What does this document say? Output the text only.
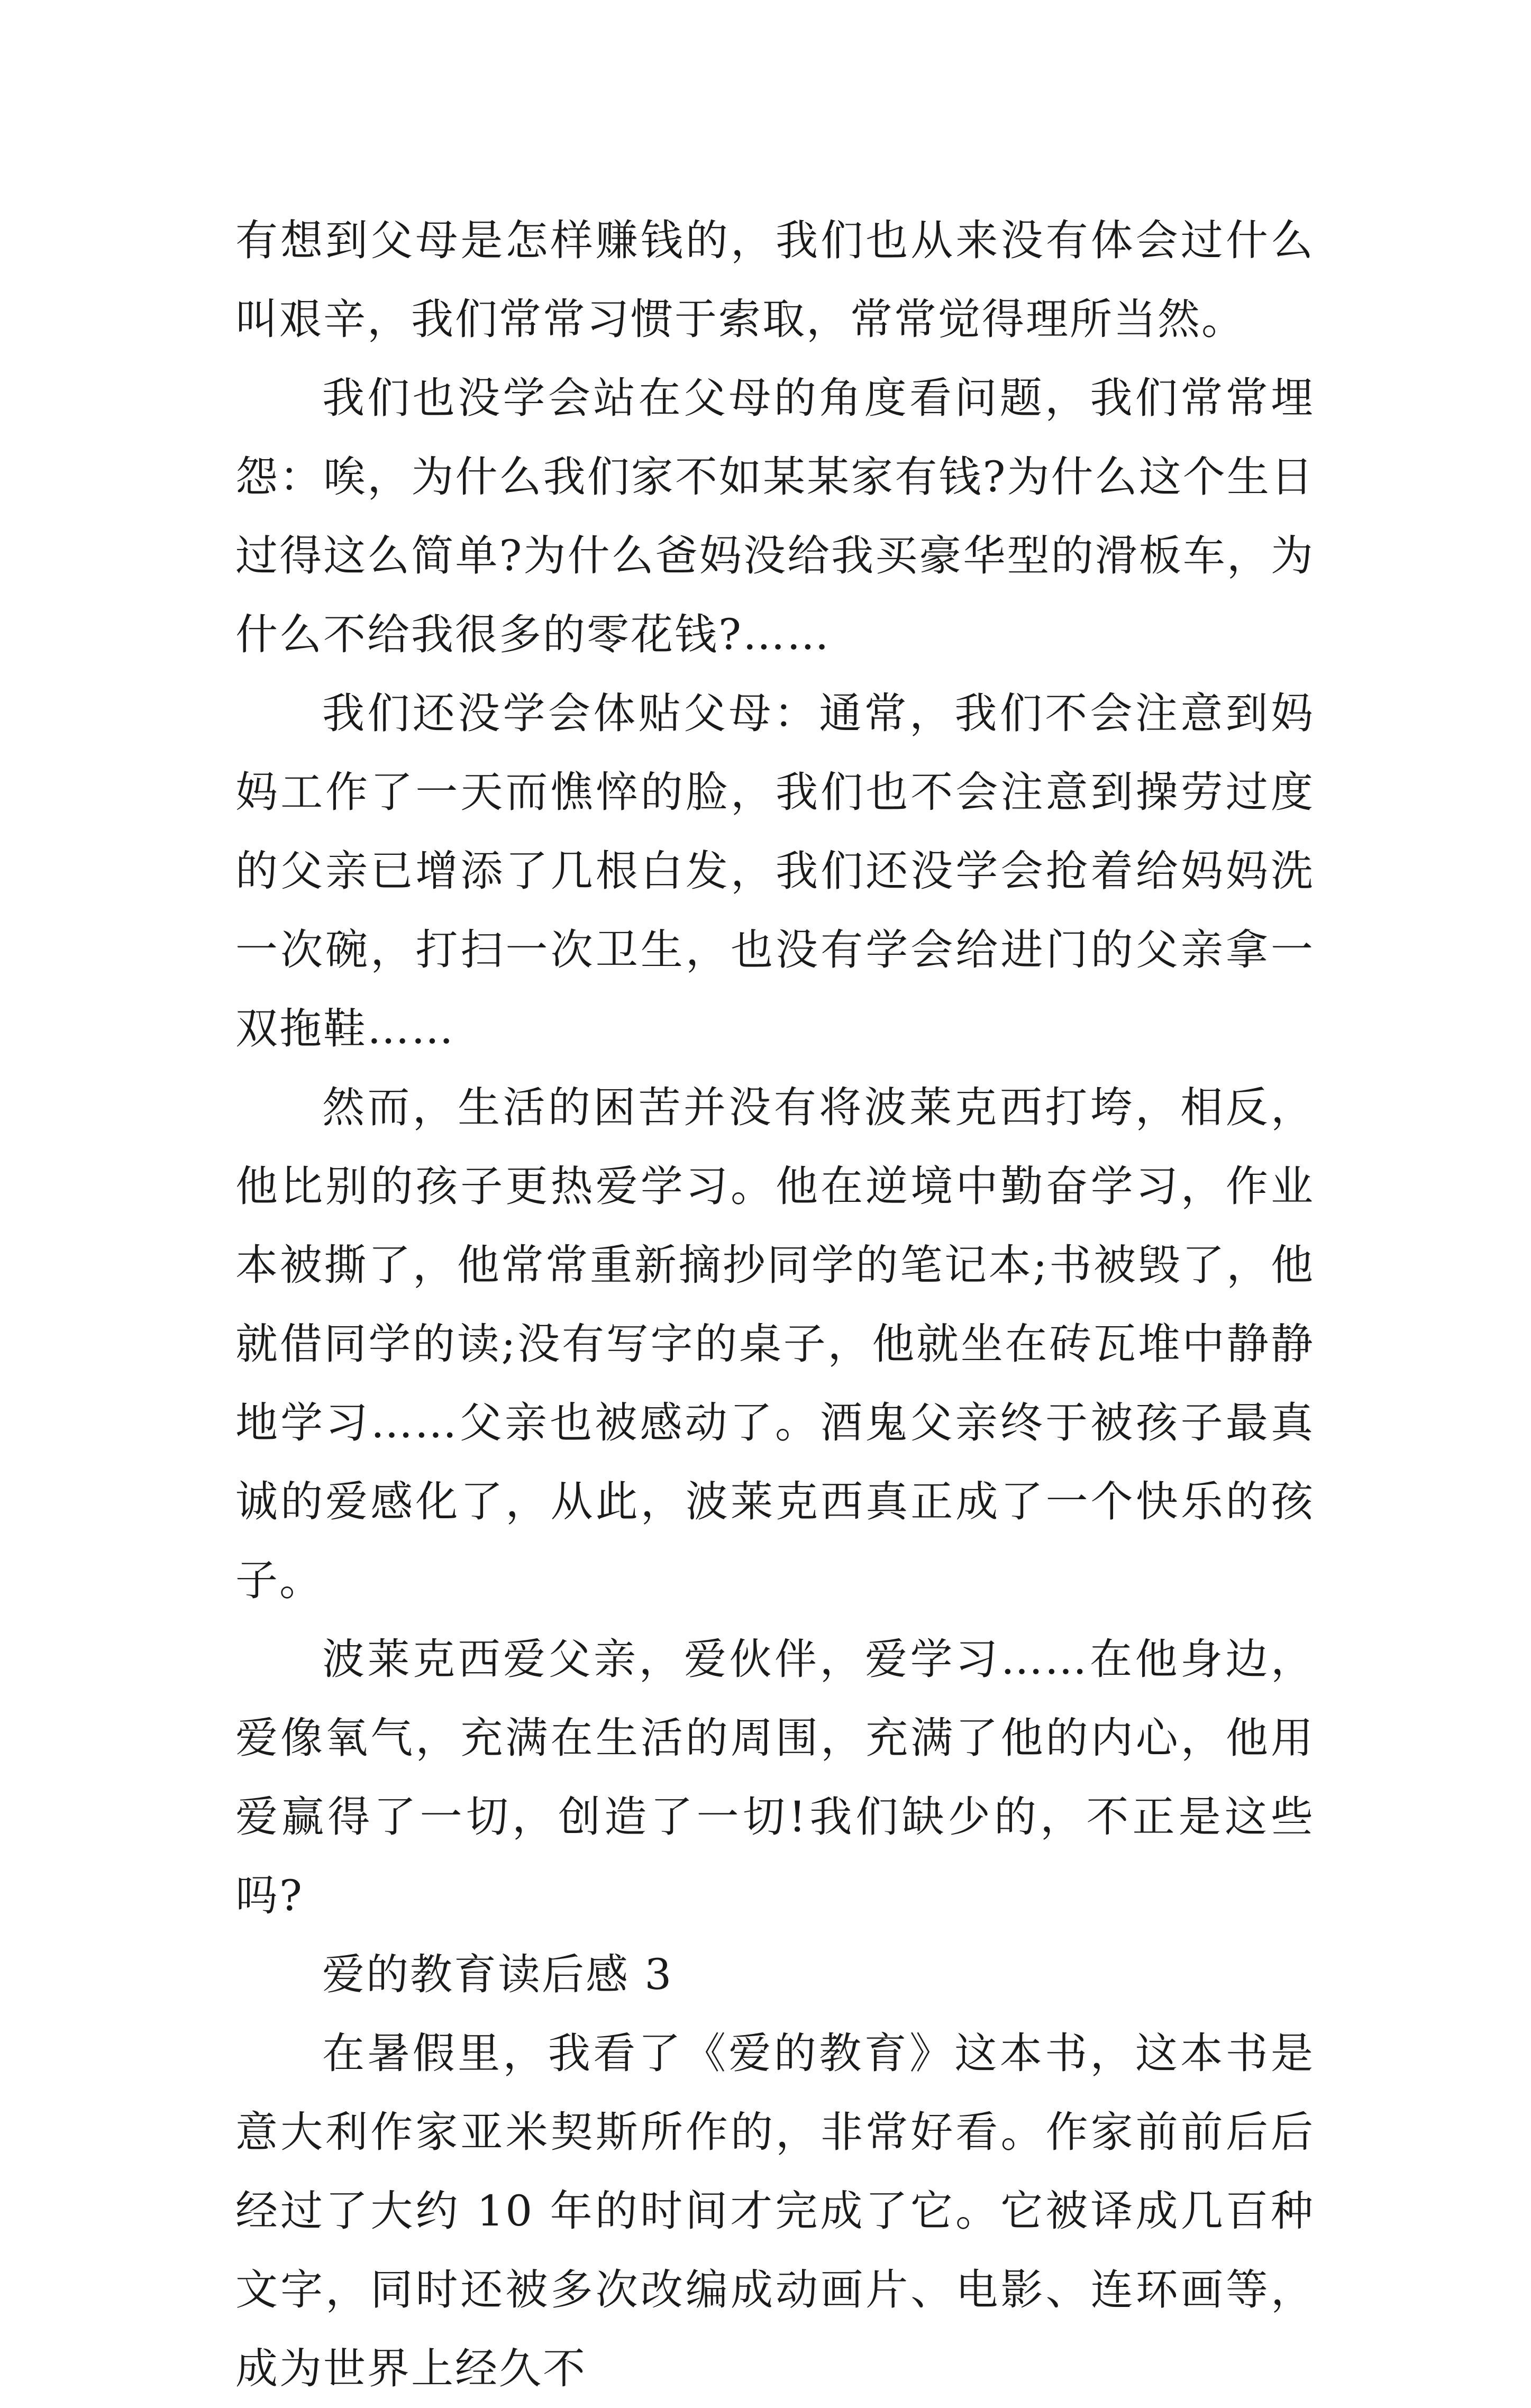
有想到父母是怎样赚钱的，我们也从来没有体会过什么叫艰辛，我们常常习惯于索取，常常觉得理所当然。

我们也没学会站在父母的角度看问题，我们常常埋怨：唉，为什么我们家不如某某家有钱?为什么这个生日过得这么简单?为什么爸妈没给我买豪华型的滑板车，为什么不给我很多的零花钱?……

我们还没学会体贴父母：通常，我们不会注意到妈妈工作了一天而憔悴的脸，我们也不会注意到操劳过度的父亲已增添了几根白发，我们还没学会抢着给妈妈洗一次碗，打扫一次卫生，也没有学会给进门的父亲拿一双拖鞋……

然而，生活的困苦并没有将波莱克西打垮，相反，他比别的孩子更热爱学习。他在逆境中勤奋学习，作业本被撕了，他常常重新摘抄同学的笔记本;书被毁了，他就借同学的读;没有写字的桌子，他就坐在砖瓦堆中静静地学习……父亲也被感动了。酒鬼父亲终于被孩子最真诚的爱感化了，从此，波莱克西真正成了一个快乐的孩子。

波莱克西爱父亲，爱伙伴，爱学习……在他身边，爱像氧气，充满在生活的周围，充满了他的内心，他用爱赢得了一切，创造了一切!我们缺少的，不正是这些吗?

爱的教育读后感 3

在暑假里，我看了《爱的教育》这本书，这本书是意大利作家亚米契斯所作的，非常好看。作家前前后后经过了大约 10 年的时间才完成了它。它被译成几百种文字，同时还被多次改编成动画片、电影、连环画等，成为世界上经久不
